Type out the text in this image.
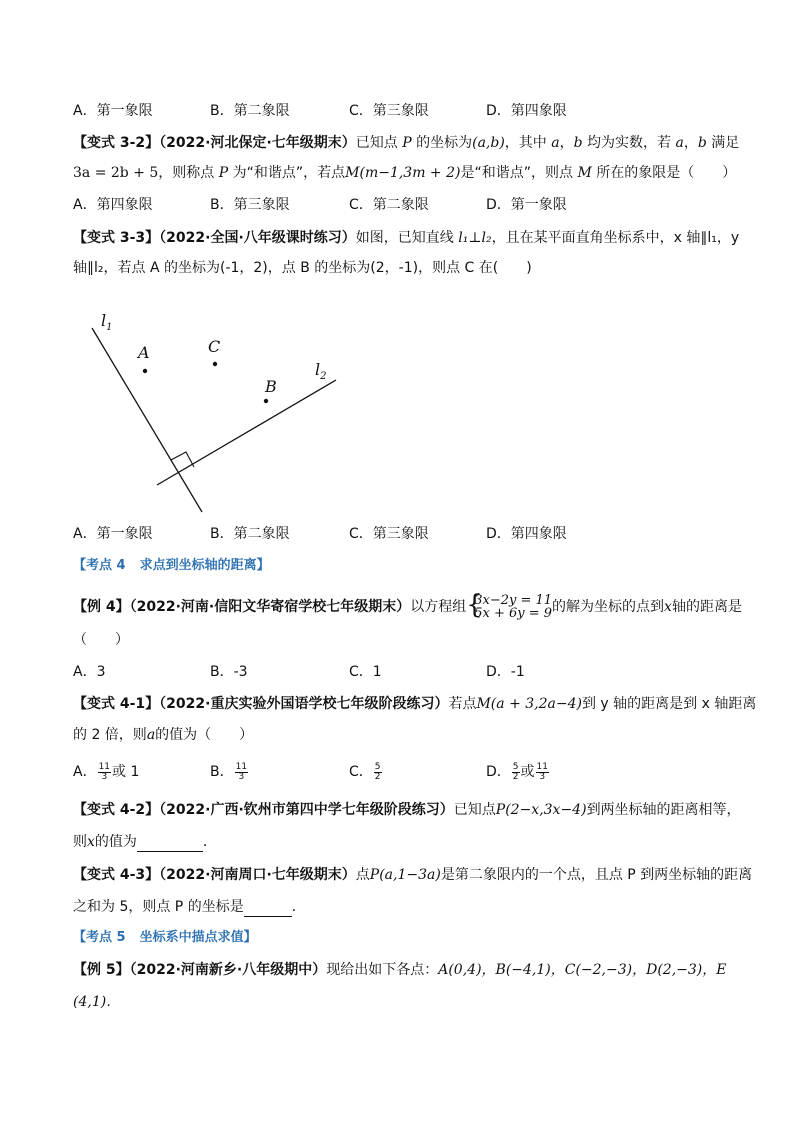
A．第一象限	B．第二象限	C．第三象限	D．第四象限
【变式 3-2】（2022·河北保定·七年级期末）已知点 P 的坐标为(a,b)，其中 a，b 均为实数，若 a，b 满足
3a = 2b + 5，则称点 P 为“和谐点”，若点M(m−1,3m + 2)是“和谐点”，则点 M 所在的象限是（　　）
A．第四象限	B．第三象限	C．第二象限	D．第一象限
【变式 3-3】（2022·全国·八年级课时练习）如图，已知直线 l₁⊥l₂，且在某平面直角坐标系中，x 轴∥l₁，y
轴∥l₂，若点 A 的坐标为(-1，2)，点 B 的坐标为(2，-1)，则点 C 在(　　)
$l_1$
$l_2$
A	C
B
A．第一象限	B．第二象限	C．第三象限	D．第四象限
【考点 4 求点到坐标轴的距离】
【例 4】（2022·河南·信阳文华寄宿学校七年级期末）以方程组 {
3x−2y = 11
5x + 6y = 9 的解为坐标的点到x轴的距离是
（　　）
A．3	B．-3	C．1	D．-1
【变式 4-1】（2022·重庆实验外国语学校七年级阶段练习）若点M(a + 3,2a−4)到 y 轴的距离是到 x 轴距离
的 2 倍，则a的值为（　　）
A． $\frac{11}{3}$ 或 1	B． $\frac{11}{3}$	C． $\frac{5}{2}$	D． $\frac{5}{2}$ 或 $\frac{11}{3}$
【变式 4-2】（2022·广西·钦州市第四中学七年级阶段练习）已知点P(2−x,3x−4)到两坐标轴的距离相等，
则x的值为	．
【变式 4-3】（2022·河南周口·七年级期末）点P(a,1−3a)是第二象限内的一个点，且点 P 到两坐标轴的距离
之和为 5，则点 P 的坐标是	．
【考点 5 坐标系中描点求值】
【例 5】（2022·河南新乡·八年级期中）现给出如下各点：A(0,4)，B(−4,1)，C(−2,−3)，D(2,−3)，E
(4,1)．
